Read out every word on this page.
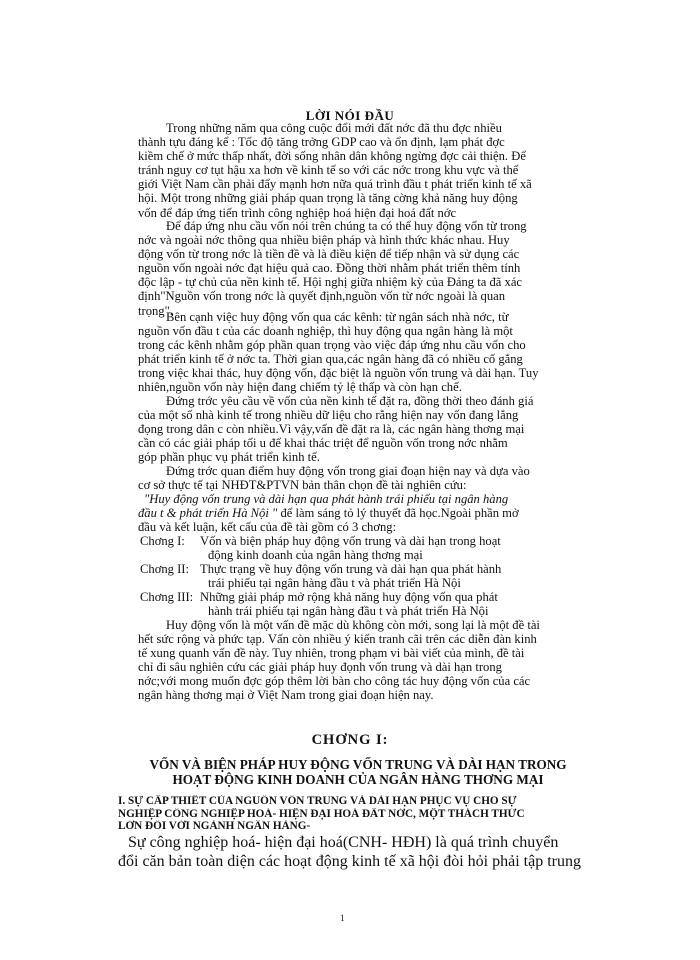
LỜI NÓI ĐẦU
Trong những năm qua công cuộc đổi mới đất nớc đã thu đợc nhiều
thành tựu đáng kể : Tốc độ tăng trởng GDP cao và ổn định, lạm phát đợc
kiềm chế ở mức thấp nhất, đời sống nhân dân không ngừng đợc cải thiện. Để
tránh nguy cơ tụt hậu xa hơn về kinh tế so với các nớc trong khu vực và thế
giới Việt Nam cần phải đẩy mạnh hơn nữa quá trình đầu t phát triển kinh tế xã
hội. Một trong những giải pháp quan trọng là tăng cờng khả năng huy động
vốn để đáp ứng tiến trình công nghiệp hoá hiện đại hoá đất nớc
Để đáp ứng nhu cầu vốn nói trên chúng ta có thể huy động vốn từ trong
nớc và ngoài nớc thông qua nhiều biện pháp và hình thức khác nhau. Huy
động vốn từ trong nớc là tiền đề và là điều kiện để tiếp nhận và sử dụng các
nguồn vốn ngoài nớc đạt hiệu quả cao. Đồng thời nhằm phát triển thêm tính
độc lập - tự chủ của nền kinh tế. Hội nghị giữa nhiệm kỳ của Đảng ta đã xác
định"Nguồn vốn trong nớc là quyết định,nguồn vốn từ nớc ngoài là quan
trọng".
Bên cạnh việc huy động vốn qua các kênh: từ ngân sách nhà nớc, từ
nguồn vốn đầu t của các doanh nghiệp, thì huy động qua ngân hàng là một
trong các kênh nhằm góp phần quan trọng vào việc đáp ứng nhu cầu vốn cho
phát triển kinh tế ở nớc ta. Thời gian qua,các ngân hàng đã có nhiều cố gắng
trong việc khai thác, huy động vốn, đặc biệt là nguồn vốn trung và dài hạn. Tuy
nhiên,nguồn vốn này hiện đang chiếm tỷ lệ thấp và còn hạn chế.
Đứng trớc yêu cầu về vốn của nền kinh tế đặt ra, đồng thời theo đánh giá
của một số nhà kinh tế trong nhiều dữ liệu cho rằng hiện nay vốn đang lắng
đọng trong dân c còn nhiều.Vì vậy,vấn đề đặt ra là, các ngân hàng thơng mại
cần có các giải pháp tối u để khai thác triệt để nguồn vốn trong nớc nhằm
góp phần phục vụ phát triển kinh tế.
Đứng trớc quan điểm huy động vốn trong giai đoạn hiện nay và dựa vào
cơ sở thực tế tại NHĐT&PTVN bản thân chọn đề tài nghiên cứu:
"Huy động vốn trung và dài hạn qua phát hành trái phiếu tại ngân hàng
đầu t & phát triển Hà Nội " để làm sáng tỏ lý thuyết đã học.Ngoài phần mở
đầu và kết luận, kết cấu của đề tài gồm có 3 chơng:
Chơng I: Vốn và biện pháp huy động vốn trung và dài hạn trong hoạt
động kinh doanh của ngân hàng thơng mại
Chơng II: Thực trạng về huy động vốn trung và dài hạn qua phát hành
trái phiếu tại ngân hàng đầu t và phát triển Hà Nội
Chơng III: Những giải pháp mở rộng khả năng huy động vốn qua phát
hành trái phiếu tại ngân hàng đầu t và phát triển Hà Nội
Huy động vốn là một vấn đề mặc dù không còn mới, song lại là một đề tài
hết sức rộng và phức tạp. Vấn còn nhiều ý kiến tranh cãi trên các diễn đàn kinh
tế xung quanh vấn đề này. Tuy nhiên, trong phạm vi bài viết của mình, đề tài
chỉ đi sâu nghiên cứu các giải pháp huy đọnh vốn trung và dài hạn trong
nớc;với mong muốn đợc góp thêm lời bàn cho công tác huy động vốn của các
ngân hàng thơng mại ở Việt Nam trong giai đoạn hiện nay.
CHƠNG I:
VỐN VÀ BIỆN PHÁP HUY ĐỘNG VỐN TRUNG VÀ DÀI HẠN TRONG
HOẠT ĐỘNG KINH DOANH CỦA NGÂN HÀNG THƠNG MẠI
I. SỰ CẦP THIẾT CỦA NGUỒN VỐN TRUNG VÀ DÀI HẠN PHỤC VỤ CHO SỰ
NGHIỆP CÔNG NGHIỆP HOÁ- HIỆN ĐẠI HOÁ ĐẤT NỚC, MỘT THÁCH THỨC
LỚN ĐỐI VỚI NGÀNH NGÂN HÀNG-
Sự công nghiệp hoá- hiện đại hoá(CNH- HĐH) là quá trình chuyển
đổi căn bản toàn diện các hoạt động kinh tế xã hội đòi hỏi phải tập trung
1
